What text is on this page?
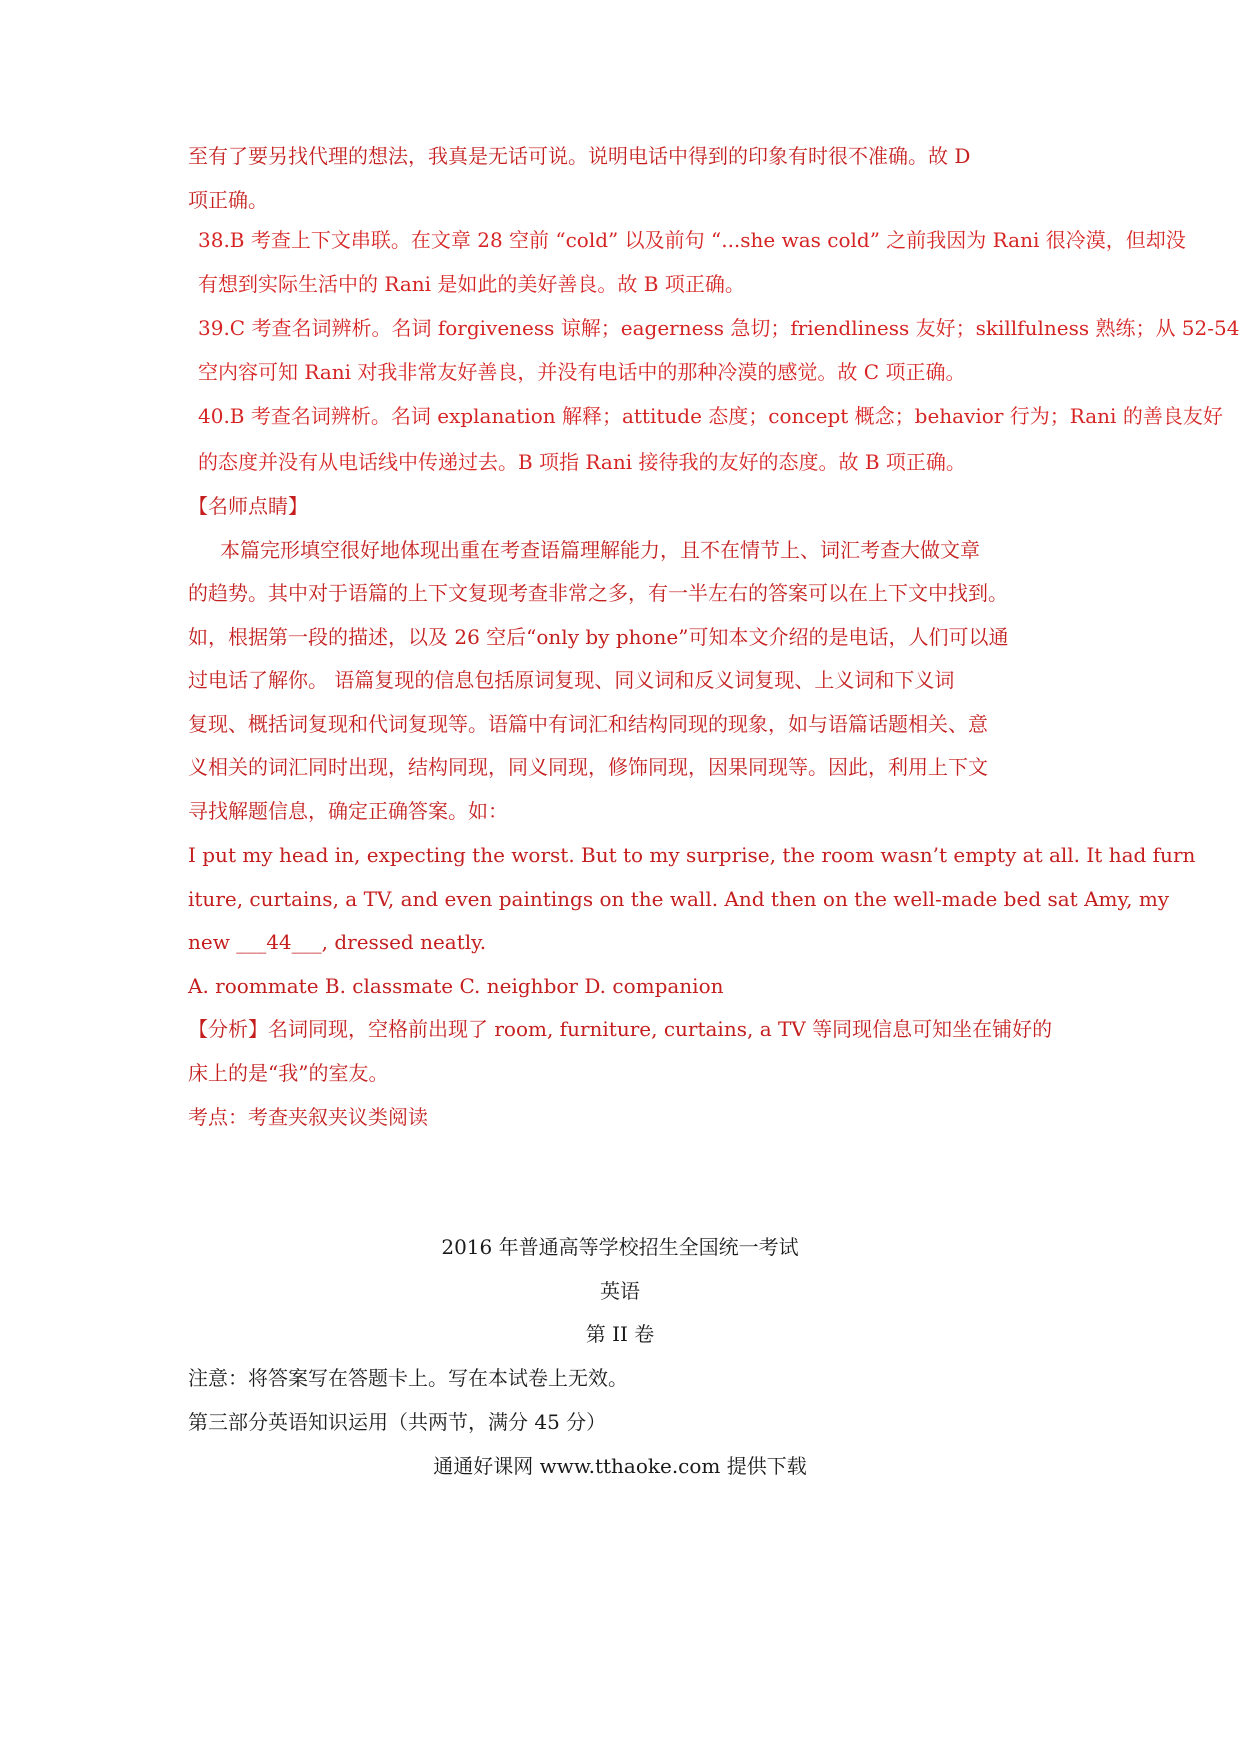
至有了要另找代理的想法，我真是无话可说。说明电话中得到的印象有时很不准确。故 D
项正确。
38.B 考查上下文串联。在文章 28 空前 “cold” 以及前句 “...she was cold” 之前我因为 Rani 很冷漠，但却没
有想到实际生活中的 Rani 是如此的美好善良。故 B 项正确。
39.C 考查名词辨析。名词 forgiveness 谅解；eagerness 急切；friendliness 友好；skillfulness 熟练；从 52-54
空内容可知 Rani 对我非常友好善良，并没有电话中的那种冷漠的感觉。故 C 项正确。
40.B 考查名词辨析。名词 explanation 解释；attitude 态度；concept 概念；behavior 行为；Rani 的善良友好
的态度并没有从电话线中传递过去。B 项指 Rani 接待我的友好的态度。故 B 项正确。
【名师点睛】
本篇完形填空很好地体现出重在考查语篇理解能力，且不在情节上、词汇考查大做文章
的趋势。其中对于语篇的上下文复现考查非常之多，有一半左右的答案可以在上下文中找到。
如，根据第一段的描述，以及 26 空后“only by phone”可知本文介绍的是电话，人们可以通
过电话了解你。 语篇复现的信息包括原词复现、同义词和反义词复现、上义词和下义词
复现、概括词复现和代词复现等。语篇中有词汇和结构同现的现象，如与语篇话题相关、意
义相关的词汇同时出现，结构同现，同义同现，修饰同现，因果同现等。因此，利用上下文
寻找解题信息，确定正确答案。如：
I put my head in, expecting the worst. But to my surprise, the room wasn’t empty at all. It had furn
iture, curtains, a TV, and even paintings on the wall. And then on the well-made bed sat Amy, my
new ___44___, dressed neatly.
A. roommate B. classmate C. neighbor D. companion
【分析】名词同现，空格前出现了 room, furniture, curtains, a TV 等同现信息可知坐在铺好的
床上的是“我”的室友。
考点：考查夹叙夹议类阅读
2016 年普通高等学校招生全国统一考试
英语
第 II 卷
注意：将答案写在答题卡上。写在本试卷上无效。
第三部分英语知识运用（共两节，满分 45 分）
通通好课网 www.tthaoke.com 提供下载
